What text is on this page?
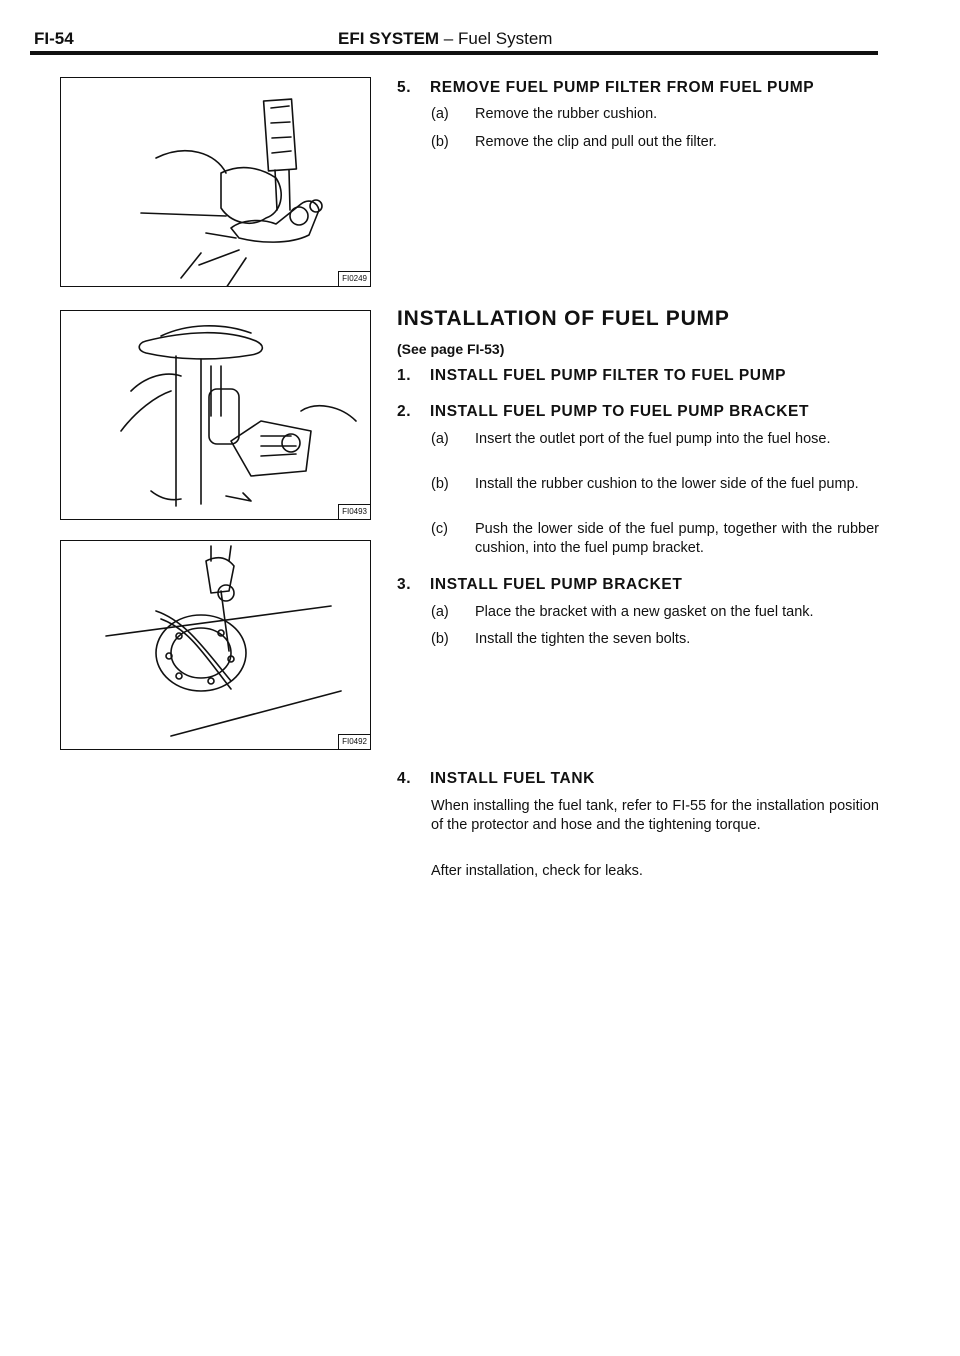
FI-54	EFI SYSTEM – Fuel System
FI0249
FI0493
FI0492
5. REMOVE FUEL PUMP FILTER FROM FUEL PUMP
(a)	Remove the rubber cushion.
(b)	Remove the clip and pull out the filter.
INSTALLATION OF FUEL PUMP
(See page FI-53)
1. INSTALL FUEL PUMP FILTER TO FUEL PUMP
2. INSTALL FUEL PUMP TO FUEL PUMP BRACKET
(a)	Insert the outlet port of the fuel pump into the fuel hose.
(b)	Install the rubber cushion to the lower side of the fuel pump.
(c)	Push the lower side of the fuel pump, together with the rubber cushion, into the fuel pump bracket.
3. INSTALL FUEL PUMP BRACKET
(a)	Place the bracket with a new gasket on the fuel tank.
(b)	Install the tighten the seven bolts.
4. INSTALL FUEL TANK
When installing the fuel tank, refer to FI-55 for the installation position of the protector and hose and the tightening torque.
After installation, check for leaks.
